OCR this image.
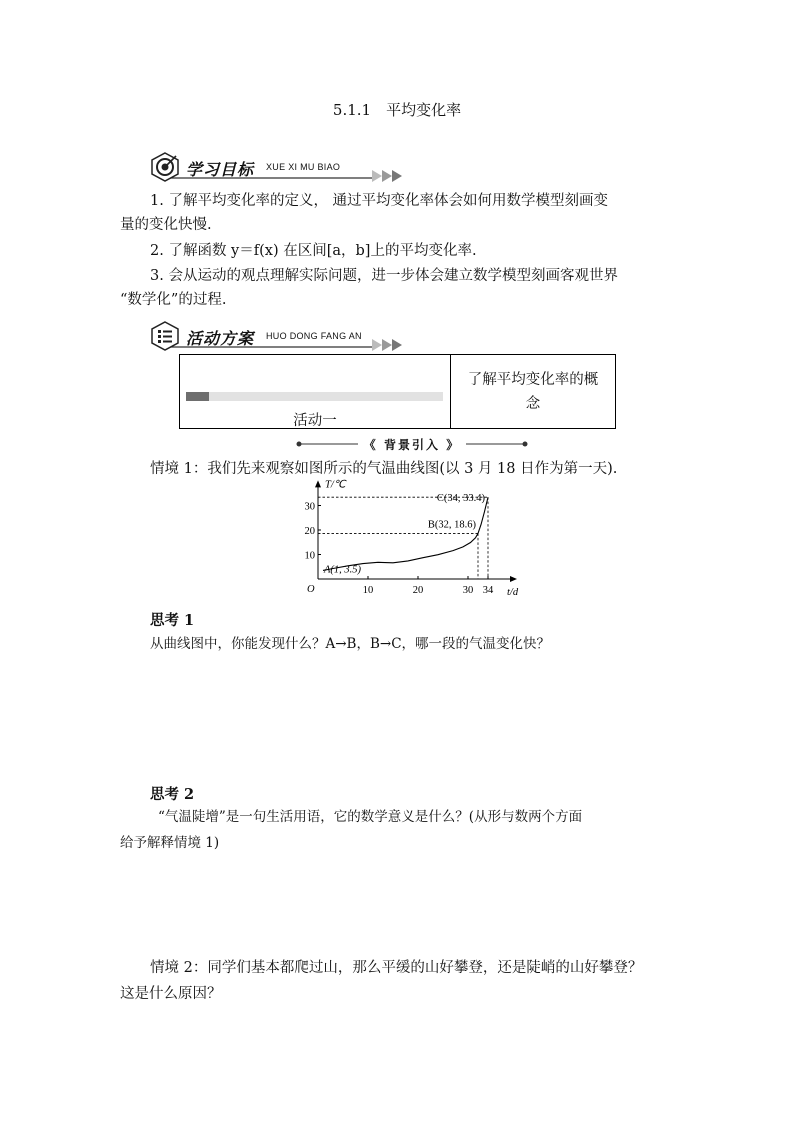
5.1.1　平均变化率
学习目标 XUE XI MU BIAO
1. 了解平均变化率的定义， 通过平均变化率体会如何用数学模型刻画变
量的变化快慢.
2. 了解函数 y＝f(x) 在区间[a，b]上的平均变化率.
3. 会从运动的观点理解实际问题，进一步体会建立数学模型刻画客观世界
“数学化”的过程.
活动方案 HUO DONG FANG AN
活动一
了解平均变化率的概
念
《 背景引入 》
情境 1：我们先来观察如图所示的气温曲线图(以 3 月 18 日作为第一天).
T/℃
t/d
O	10	20	30 34
10
20
30
A(1, 3.5)
B(32, 18.6)
C(34, 33.4)
思考 1
从曲线图中，你能发现什么？A→B，B→C，哪一段的气温变化快？
思考 2
“气温陡增”是一句生活用语，它的数学意义是什么？(从形与数两个方面
给予解释情境 1)
情境 2：同学们基本都爬过山，那么平缓的山好攀登，还是陡峭的山好攀登？
这是什么原因？
